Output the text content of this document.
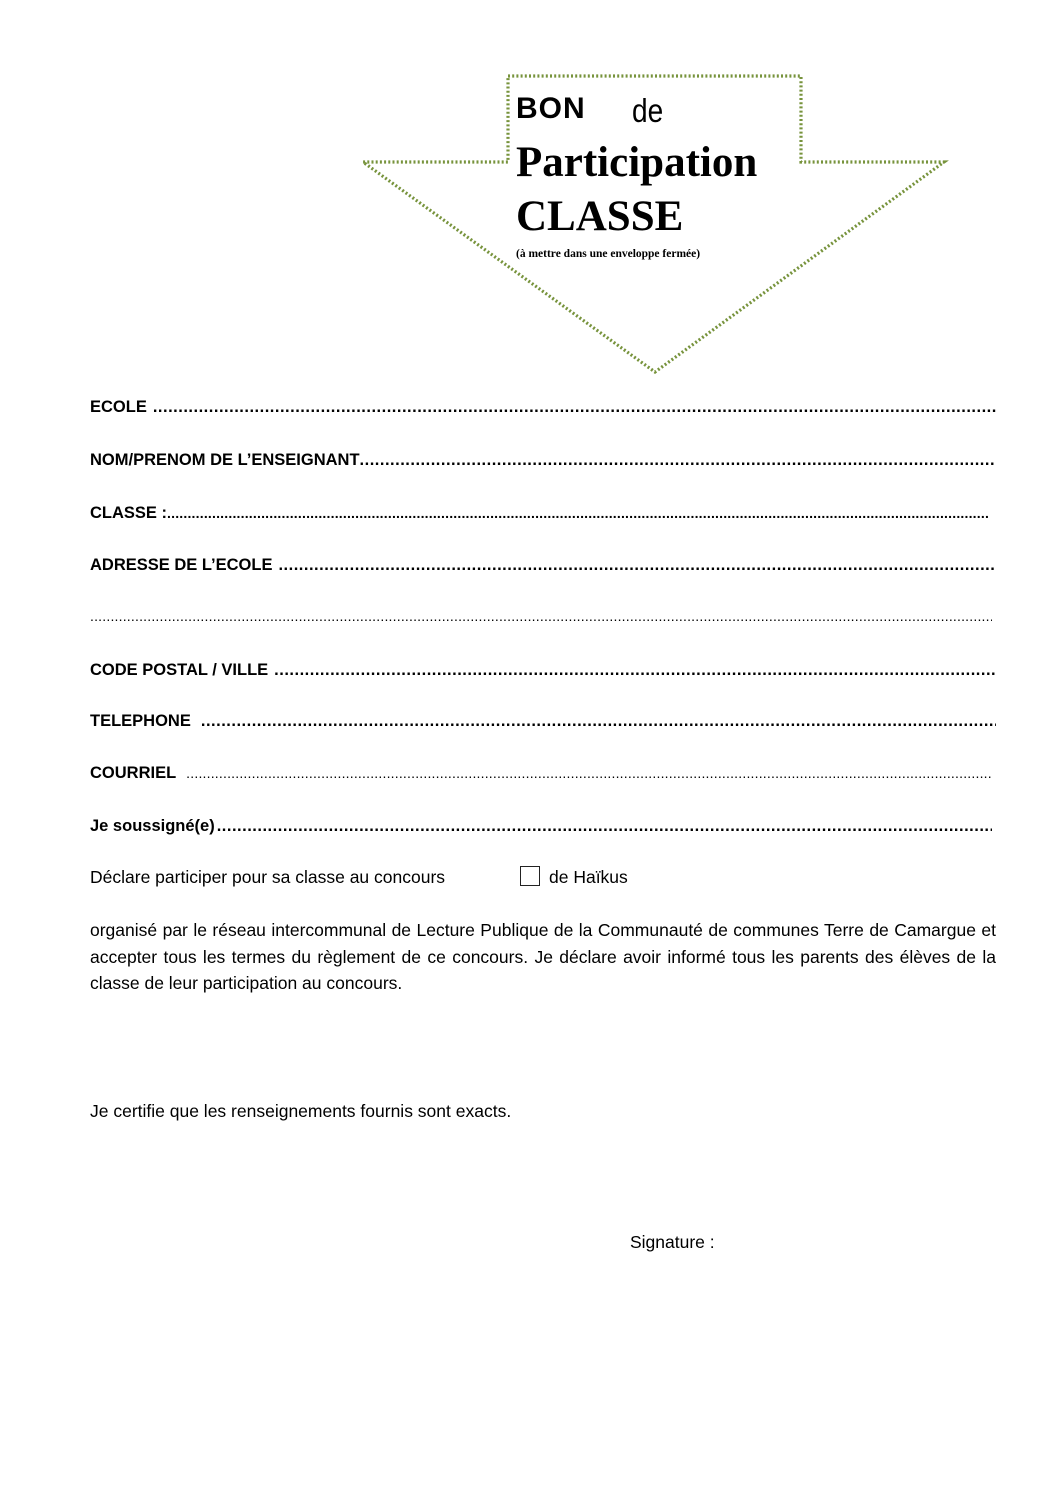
BON de
Participation
CLASSE
(à mettre dans une enveloppe fermée)
ECOLE
.....
NOM/PRENOM DE L’ENSEIGNANT
.....
CLASSE :
.....
ADRESSE DE L’ECOLE
.....
.....
CODE POSTAL / VILLE
.....
TELEPHONE
.....
COURRIEL
.....
Je soussigné(e)
.....
Déclare participer pour sa classe au concours	de Haïkus
organisé par le réseau intercommunal de Lecture Publique de la Communauté de communes Terre de Camargue et accepter tous les termes du règlement de ce concours. Je déclare avoir informé tous les parents des élèves de la classe de leur participation au concours.
Je certifie que les renseignements fournis sont exacts.
Signature :
